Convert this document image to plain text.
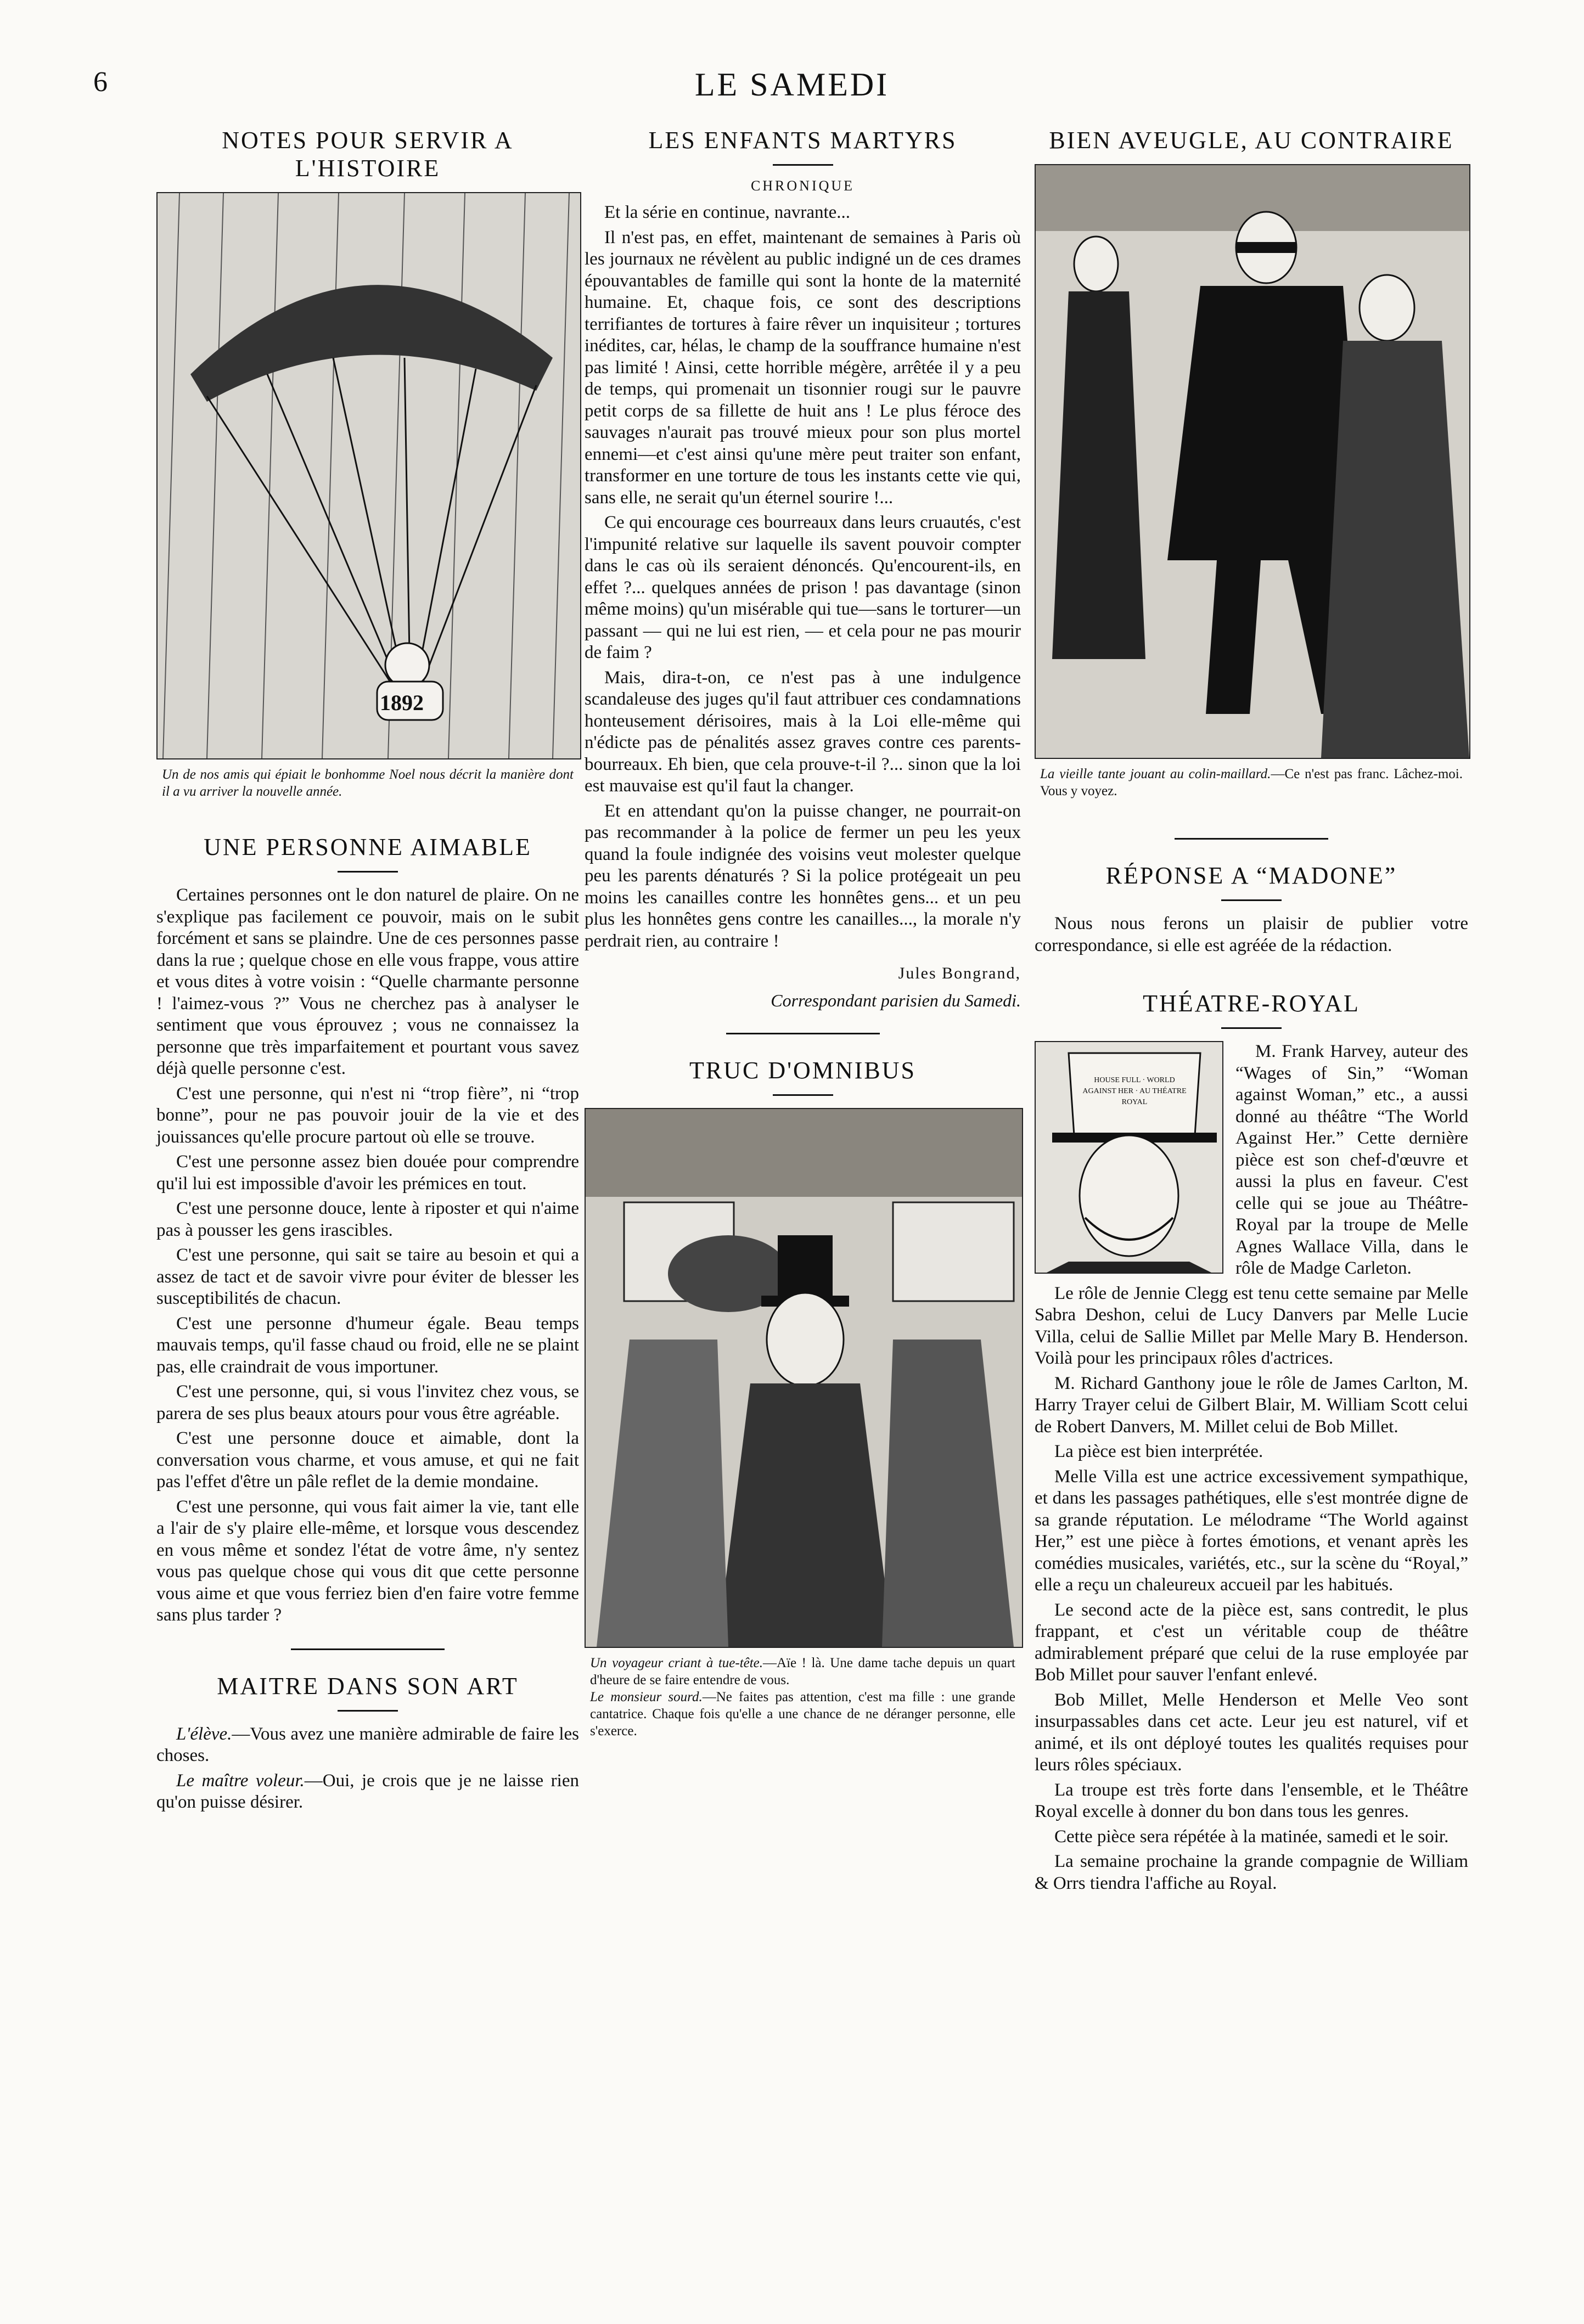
6	LE SAMEDI
NOTES POUR SERVIR A L'HISTOIRE
1892
Un de nos amis qui épiait le bonhomme Noel nous décrit la manière dont il a vu arriver la nouvelle année.
UNE PERSONNE AIMABLE

Certaines personnes ont le don naturel de plaire. On ne s'explique pas facilement ce pouvoir, mais on le subit forcément et sans se plaindre. Une de ces personnes passe dans la rue ; quelque chose en elle vous frappe, vous attire et vous dites à votre voisin : “Quelle charmante personne ! l'aimez-vous ?” Vous ne cherchez pas à analyser le sentiment que vous éprouvez ; vous ne connaissez la personne que très imparfaitement et pourtant vous savez déjà quelle personne c'est.

C'est une personne, qui n'est ni “trop fière”, ni “trop bonne”, pour ne pas pouvoir jouir de la vie et des jouissances qu'elle procure partout où elle se trouve.

C'est une personne assez bien douée pour comprendre qu'il lui est impossible d'avoir les prémices en tout.

C'est une personne douce, lente à riposter et qui n'aime pas à pousser les gens irascibles.

C'est une personne, qui sait se taire au besoin et qui a assez de tact et de savoir vivre pour éviter de blesser les susceptibilités de chacun.

C'est une personne d'humeur égale. Beau temps mauvais temps, qu'il fasse chaud ou froid, elle ne se plaint pas, elle craindrait de vous importuner.

C'est une personne, qui, si vous l'invitez chez vous, se parera de ses plus beaux atours pour vous être agréable.

C'est une personne douce et aimable, dont la conversation vous charme, et vous amuse, et qui ne fait pas l'effet d'être un pâle reflet de la demie mondaine.

C'est une personne, qui vous fait aimer la vie, tant elle a l'air de s'y plaire elle-même, et lorsque vous descendez en vous même et sondez l'état de votre âme, n'y sentez vous pas quelque chose qui vous dit que cette personne vous aime et que vous ferriez bien d'en faire votre femme sans plus tarder ?

MAITRE DANS SON ART

L'élève.—Vous avez une manière admirable de faire les choses.

Le maître voleur.—Oui, je crois que je ne laisse rien qu'on puisse désirer.

LES ENFANTS MARTYRS
CHRONIQUE

Et la série en continue, navrante...

Il n'est pas, en effet, maintenant de semaines à Paris où les journaux ne révèlent au public indigné un de ces drames épouvantables de famille qui sont la honte de la maternité humaine. Et, chaque fois, ce sont des descriptions terrifiantes de tortures à faire rêver un inquisiteur ; tortures inédites, car, hélas, le champ de la souffrance humaine n'est pas limité ! Ainsi, cette horrible mégère, arrêtée il y a peu de temps, qui promenait un tisonnier rougi sur le pauvre petit corps de sa fillette de huit ans ! Le plus féroce des sauvages n'aurait pas trouvé mieux pour son plus mortel ennemi—et c'est ainsi qu'une mère peut traiter son enfant, transformer en une torture de tous les instants cette vie qui, sans elle, ne serait qu'un éternel sourire !...

Ce qui encourage ces bourreaux dans leurs cruautés, c'est l'impunité relative sur laquelle ils savent pouvoir compter dans le cas où ils seraient dénoncés. Qu'encourent-ils, en effet ?... quelques années de prison ! pas davantage (sinon même moins) qu'un misérable qui tue—sans le torturer—un passant — qui ne lui est rien, — et cela pour ne pas mourir de faim ?

Mais, dira-t-on, ce n'est pas à une indulgence scandaleuse des juges qu'il faut attribuer ces condamnations honteusement dérisoires, mais à la Loi elle-même qui n'édicte pas de pénalités assez graves contre ces parents-bourreaux. Eh bien, que cela prouve-t-il ?... sinon que la loi est mauvaise est qu'il faut la changer.

Et en attendant qu'on la puisse changer, ne pourrait-on pas recommander à la police de fermer un peu les yeux quand la foule indignée des voisins veut molester quelque peu les parents dénaturés ? Si la police protégeait un peu moins les canailles contre les honnêtes gens... et un peu plus les honnêtes gens contre les canailles..., la morale n'y perdrait rien, au contraire !

Jules Bongrand,
Correspondant parisien du Samedi.
TRUC D'OMNIBUS
Un voyageur criant à tue-tête.—Aïe ! là. Une dame tache depuis un quart d'heure de se faire entendre de vous.
Le monsieur sourd.—Ne faites pas attention, c'est ma fille : une grande cantatrice. Chaque fois qu'elle a une chance de ne déranger personne, elle s'exerce.
BIEN AVEUGLE, AU CONTRAIRE
La vieille tante jouant au colin-maillard.—Ce n'est pas franc. Lâchez-moi. Vous y voyez.
RÉPONSE A “MADONE”

Nous nous ferons un plaisir de publier votre correspondance, si elle est agréée de la rédaction.

THÉATRE-ROYAL
HOUSE FULL · WORLD AGAINST HER · AU THÉATRE ROYAL

M. Frank Harvey, auteur des “Wages of Sin,” “Woman against Woman,” etc., a aussi donné au théâtre “The World Against Her.” Cette dernière pièce est son chef-d'œuvre et aussi la plus en faveur. C'est celle qui se joue au Théâtre-Royal par la troupe de Melle Agnes Wallace Villa, dans le rôle de Madge Carleton.

Le rôle de Jennie Clegg est tenu cette semaine par Melle Sabra Deshon, celui de Lucy Danvers par Melle Lucie Villa, celui de Sallie Millet par Melle Mary B. Henderson. Voilà pour les principaux rôles d'actrices.

M. Richard Ganthony joue le rôle de James Carlton, M. Harry Trayer celui de Gilbert Blair, M. William Scott celui de Robert Danvers, M. Millet celui de Bob Millet.

La pièce est bien interprétée.

Melle Villa est une actrice excessivement sympathique, et dans les passages pathétiques, elle s'est montrée digne de sa grande réputation. Le mélodrame “The World against Her,” est une pièce à fortes émotions, et venant après les comédies musicales, variétés, etc., sur la scène du “Royal,” elle a reçu un chaleureux accueil par les habitués.

Le second acte de la pièce est, sans contredit, le plus frappant, et c'est un véritable coup de théâtre admirablement préparé que celui de la ruse employée par Bob Millet pour sauver l'enfant enlevé.

Bob Millet, Melle Henderson et Melle Veo sont insurpassables dans cet acte. Leur jeu est naturel, vif et animé, et ils ont déployé toutes les qualités requises pour leurs rôles spéciaux.

La troupe est très forte dans l'ensemble, et le Théâtre Royal excelle à donner du bon dans tous les genres.

Cette pièce sera répétée à la matinée, samedi et le soir.

La semaine prochaine la grande compagnie de William & Orrs tiendra l'affiche au Royal.
